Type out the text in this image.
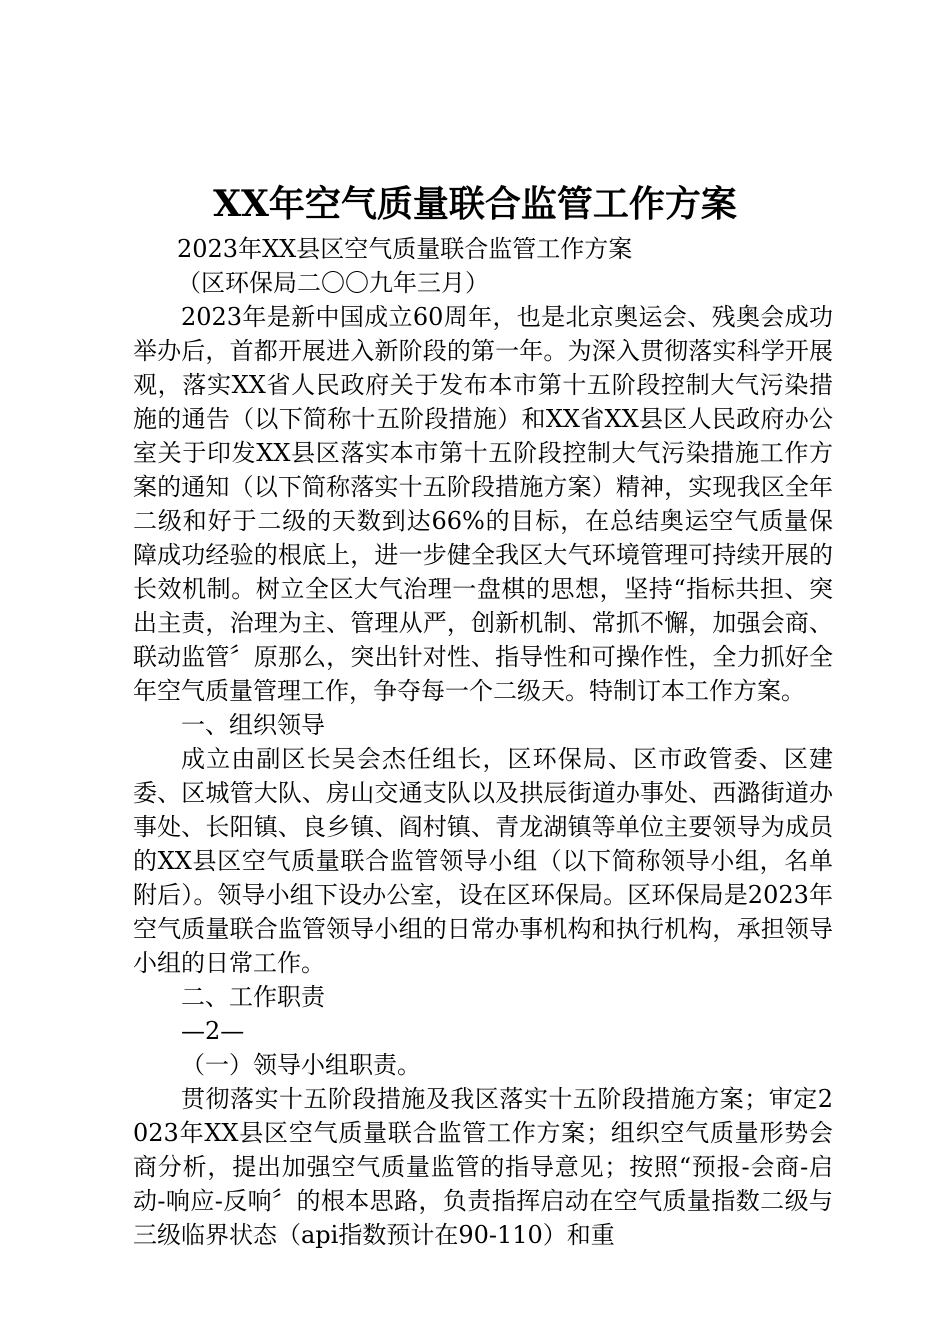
XX年空气质量联合监管工作方案

2023年XX县区空气质量联合监管工作方案

（区环保局二〇〇九年三月）

2023年是新中国成立60周年，也是北京奥运会、残奥会成功举办后，首都开展进入新阶段的第一年。为深入贯彻落实科学开展观，落实XX省人民政府关于发布本市第十五阶段控制大气污染措施的通告（以下简称十五阶段措施）和XX省XX县区人民政府办公室关于印发XX县区落实本市第十五阶段控制大气污染措施工作方案的通知（以下简称落实十五阶段措施方案）精神，实现我区全年二级和好于二级的天数到达66%的目标，在总结奥运空气质量保障成功经验的根底上，进一步健全我区大气环境管理可持续开展的长效机制。树立全区大气治理一盘棋的思想，坚持“指标共担、突出主责，治理为主、管理从严，创新机制、常抓不懈，加强会商、联动监管〞原那么，突出针对性、指导性和可操作性，全力抓好全年空气质量管理工作，争夺每一个二级天。特制订本工作方案。

一、组织领导

成立由副区长吴会杰任组长，区环保局、区市政管委、区建委、区城管大队、房山交通支队以及拱辰街道办事处、西潞街道办事处、长阳镇、良乡镇、阎村镇、青龙湖镇等单位主要领导为成员的XX县区空气质量联合监管领导小组（以下简称领导小组，名单附后）。领导小组下设办公室，设在区环保局。区环保局是2023年空气质量联合监管领导小组的日常办事机构和执行机构，承担领导小组的日常工作。

二、工作职责

—2—

（一）领导小组职责。

贯彻落实十五阶段措施及我区落实十五阶段措施方案；审定2023年XX县区空气质量联合监管工作方案；组织空气质量形势会商分析，提出加强空气质量监管的指导意见；按照“预报-会商-启动-响应-反响〞的根本思路，负责指挥启动在空气质量指数二级与三级临界状态（api指数预计在90-110）和重
